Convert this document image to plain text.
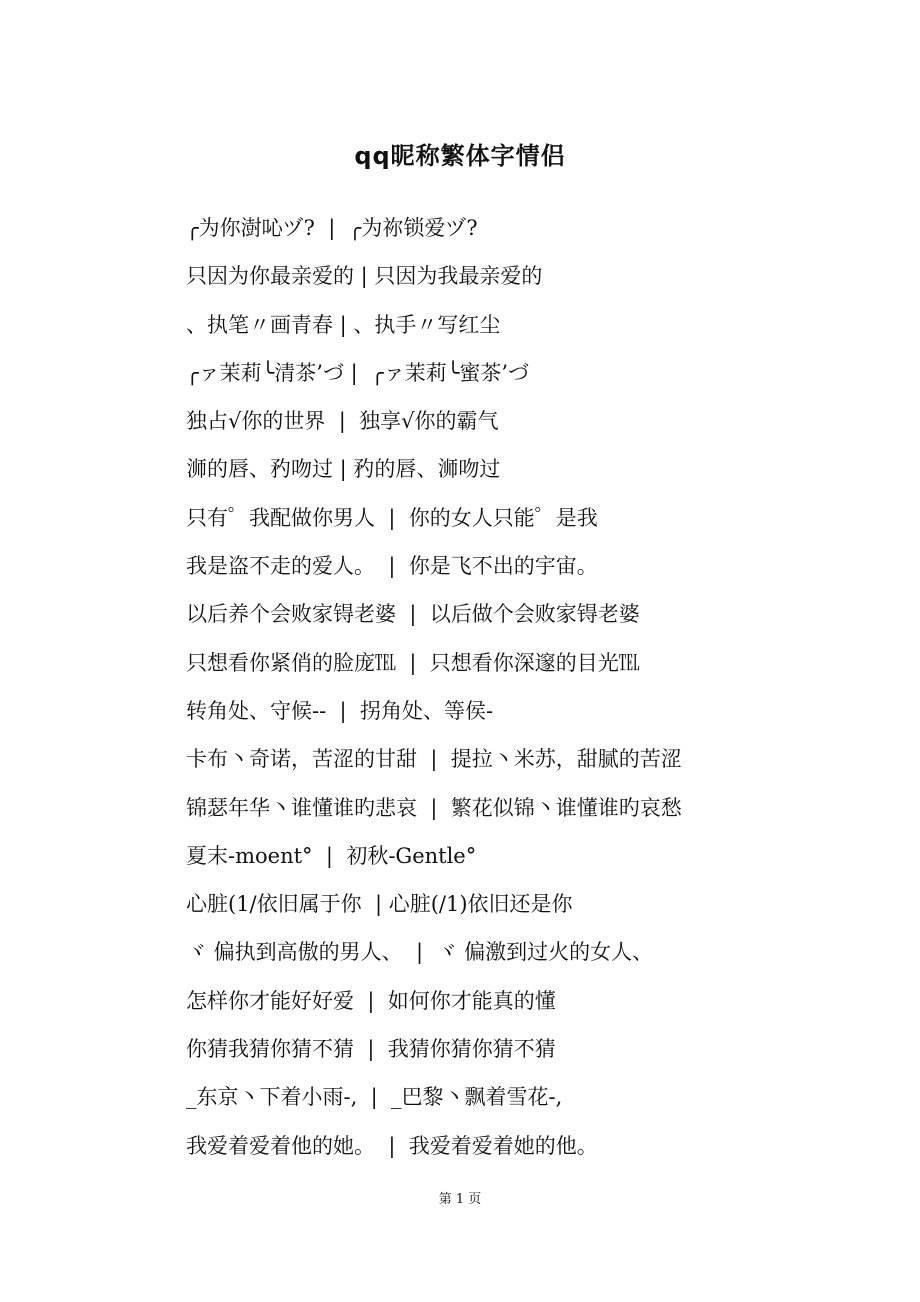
qq昵称繁体字情侣
╭为你澍吣ヅ?  |  ╭为祢锁爱ヅ?
只因为你最亲爱的 | 只因为我最亲爱的
、执笔〃画青春 | 、执手〃写红尘
╭ァ茉莉╰清茶’づ |  ╭ァ茉莉╰蜜茶’づ
独占√你的世界  |  独享√你的霸气
浉的唇、䂆吻过 | 䂆的唇、浉吻过
只有゜我配做你男人  |  你的女人只能゜是我
我是盗不走的爱人。  |  你是飞不出的宇宙。
以后养个会败家锝老婆  |  以后做个会败家锝老婆
只想看你紧俏的脸庞℡  |  只想看你深邃的目光℡
转角处、守候--  |  拐角处、等侯-
卡布丶奇诺，苦涩的甘甜  |  提拉丶米苏，甜腻的苦涩
锦瑟年华丶谁懂谁旳悲哀  |  繁花似锦丶谁懂谁旳哀愁
夏末-moent°  |  初秋-Gentle°
心脏(1/依旧属于你  | 心脏(/1)依旧还是你
ヾ 偏执到高傲的男人、  |  ヾ 偏激到过火的女人、
怎样你才能好好爱  |  如何你才能真的懂
你猜我猜你猜不猜  |  我猜你猜你猜不猜
_东京丶下着小雨-,  |  _巴黎丶飘着雪花-,
我爱着爱着他的她。  |  我爱着爱着她的他。
第 1 页
